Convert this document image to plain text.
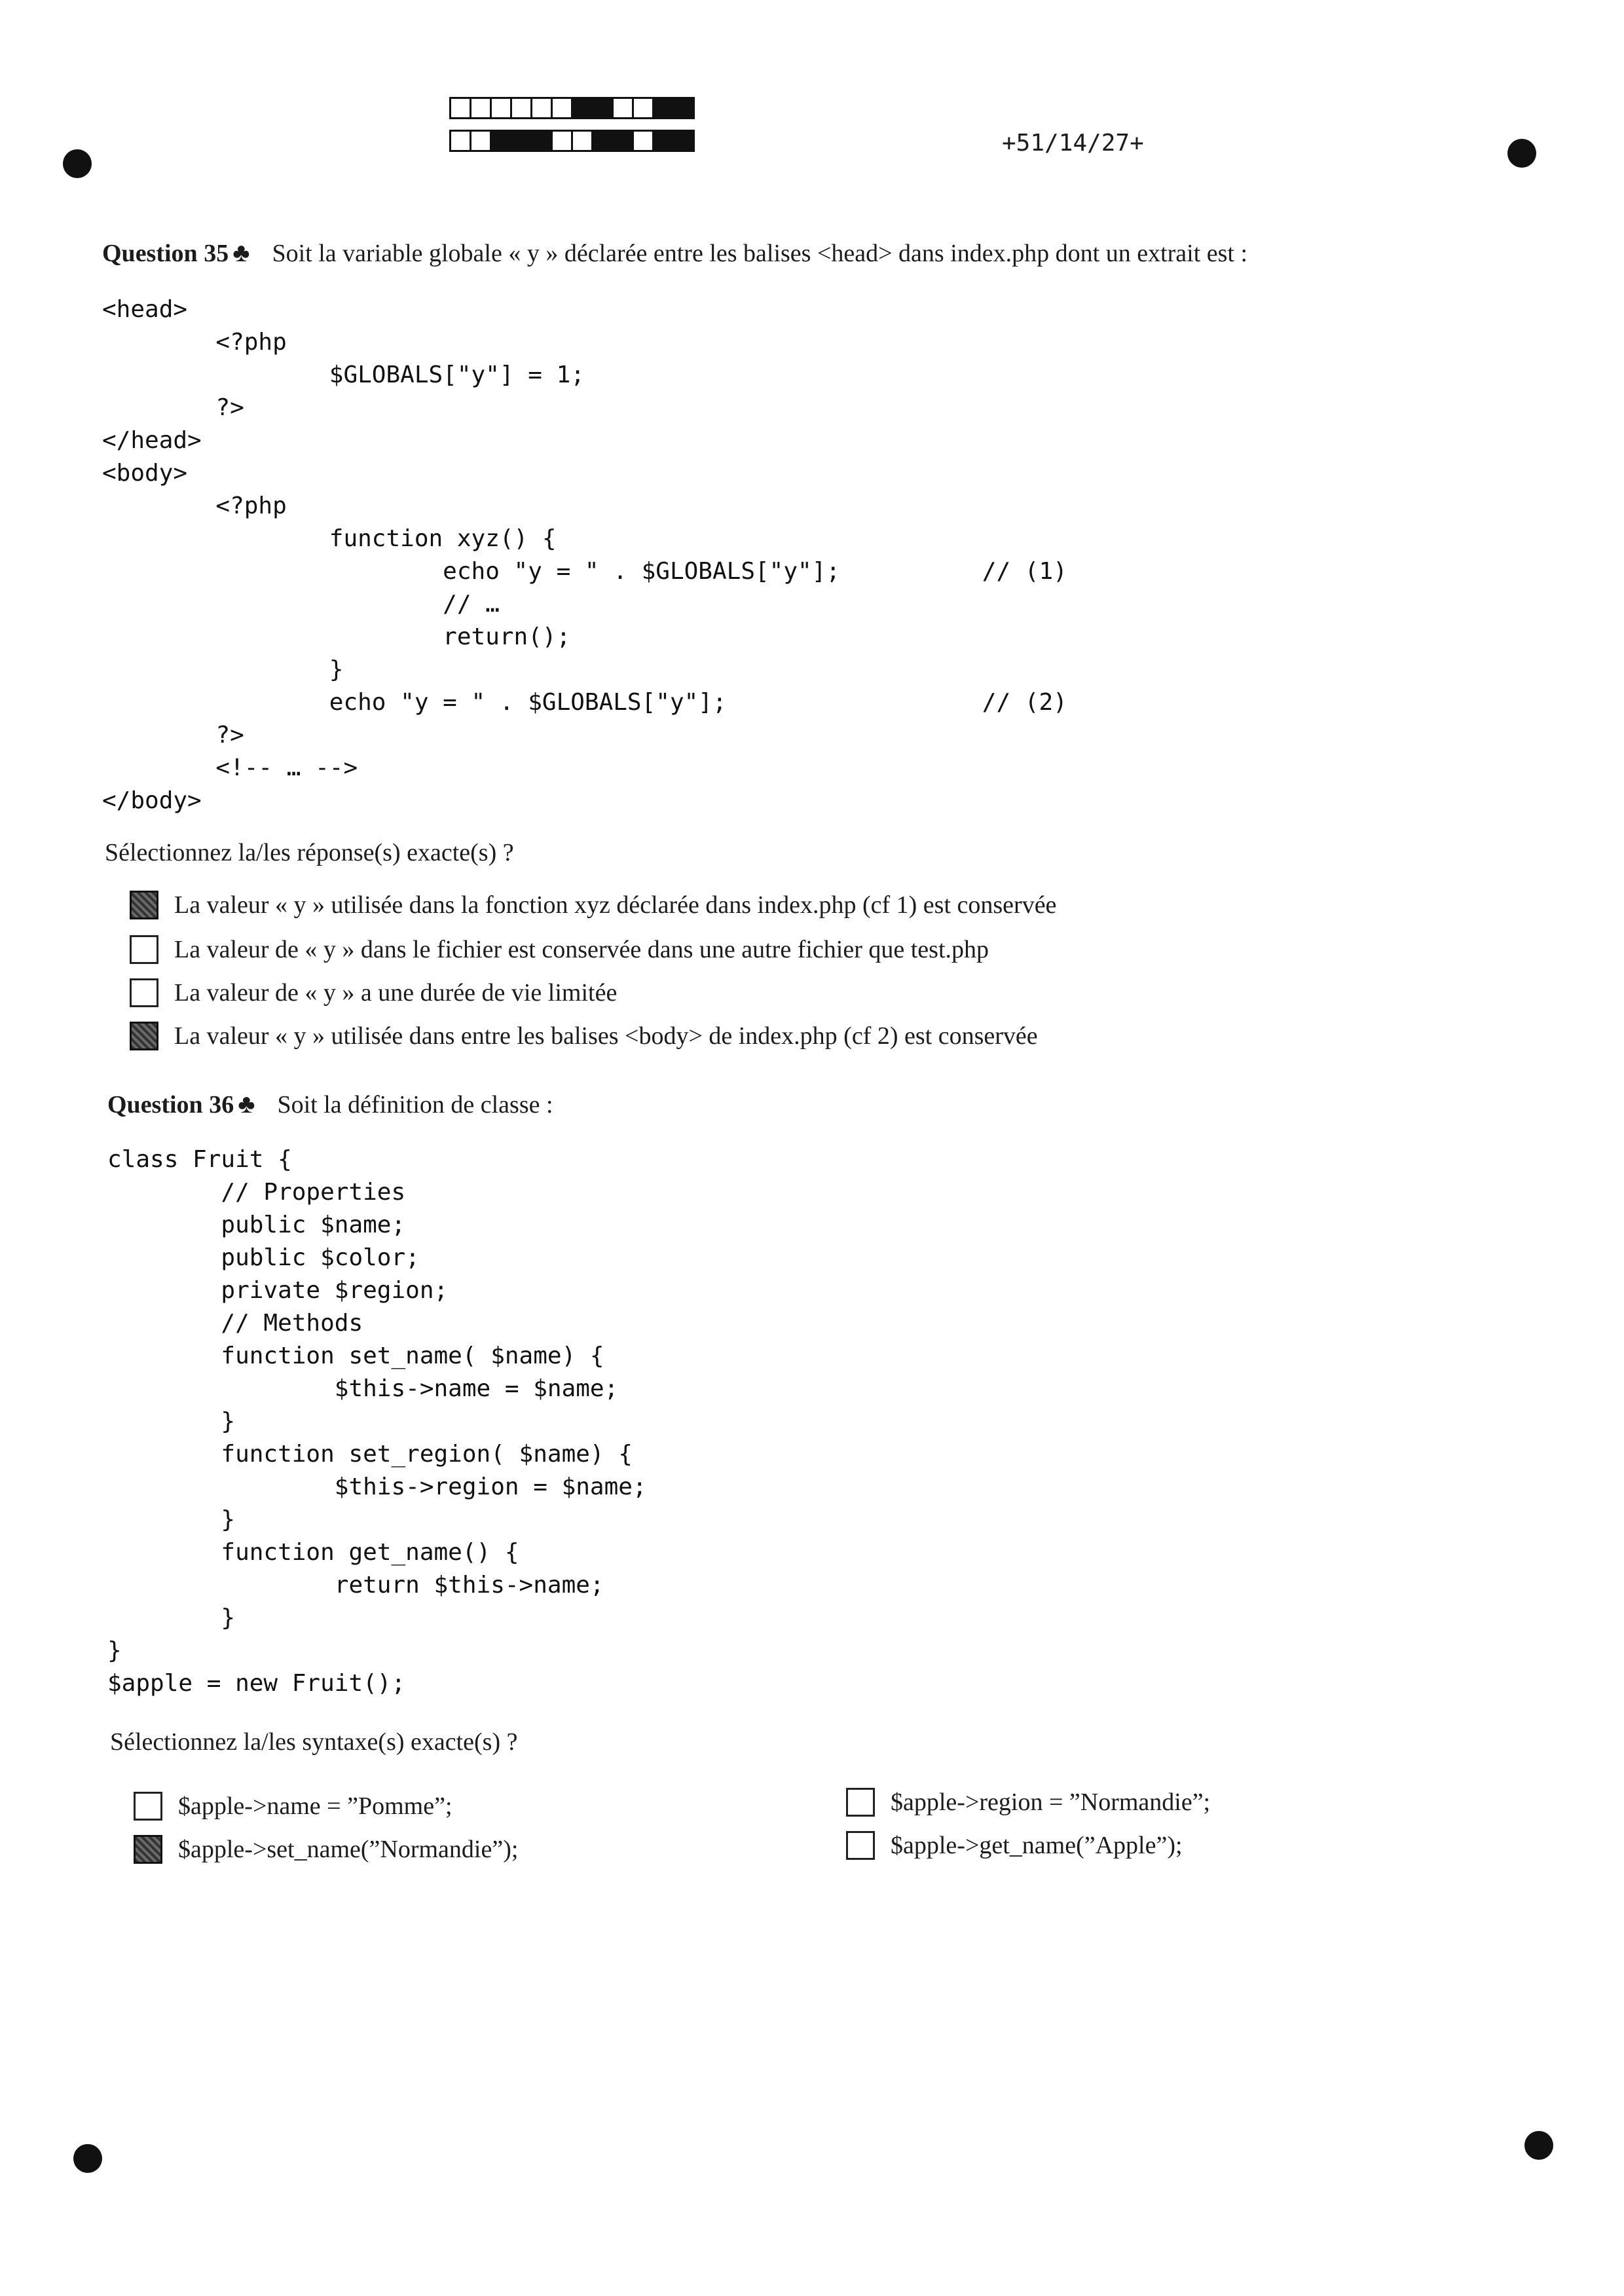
+51/14/27+
Question 35 ♣ Soit la variable globale « y » déclarée entre les balises <head> dans index.php dont un extrait est :
<head>
<?php
$GLOBALS["y"] = 1;
?>
</head>
<body>
<?php
function xyz() {
echo "y = " . $GLOBALS["y"];          // (1)
// …
return();
}
echo "y = " . $GLOBALS["y"];                  // (2)
?>
<!-- … -->
</body>
Sélectionnez la/les réponse(s) exacte(s) ?
La valeur « y » utilisée dans la fonction xyz déclarée dans index.php (cf 1) est conservée
La valeur de « y » dans le fichier est conservée dans une autre fichier que test.php
La valeur de « y » a une durée de vie limitée
La valeur « y » utilisée dans entre les balises <body> de index.php (cf 2) est conservée
Question 36 ♣ Soit la définition de classe :
class Fruit {
// Properties
public $name;
public $color;
private $region;
// Methods
function set_name( $name) {
$this->name = $name;
}
function set_region( $name) {
$this->region = $name;
}
function get_name() {
return $this->name;
}
}
$apple = new Fruit();
Sélectionnez la/les syntaxe(s) exacte(s) ?
$apple->name = ”Pomme”;	$apple->region = ”Normandie”;
$apple->set_name(”Normandie”);	$apple->get_name(”Apple”);
